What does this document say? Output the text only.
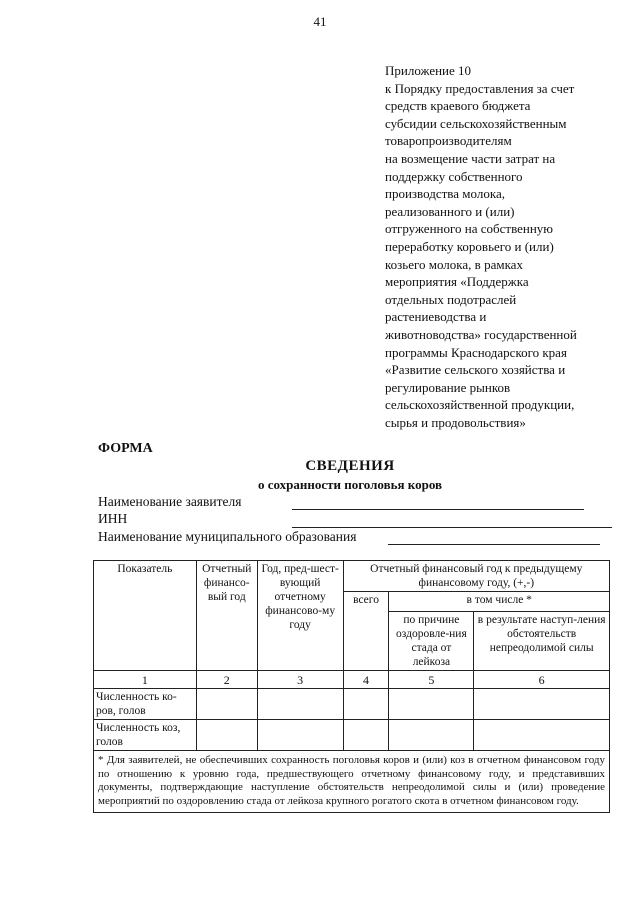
41
Приложение 10
к Порядку предоставления за счет
средств краевого бюджета
субсидии сельскохозяйственным
товаропроизводителям
на возмещение части затрат на
поддержку собственного
производства молока,
реализованного и (или)
отгруженного на собственную
переработку коровьего и (или)
козьего молока, в рамках
мероприятия «Поддержка
отдельных подотраслей
растениеводства и
животноводства» государственной
программы Краснодарского края
«Развитие сельского хозяйства и
регулирование рынков
сельскохозяйственной продукции,
сырья и продовольствия»
ФОРМА
СВЕДЕНИЯ
о сохранности поголовья коров
Наименование заявителя
ИНН
Наименование муниципального образования
Показатель	Отчетный финансо-вый год	Год, пред-шест-вующий отчетному финансово-му году	Отчетный финансовый год к предыдущему финансовому году, (+,-)		
			всего	в том числе *	
				по причине оздоровле-ния стада от лейкоза	в результате наступ-ления обстоятельств непреодолимой силы
1	2	3	4	5	6
Численность ко-ров, голов					
Численность коз, голов					
* Для заявителей, не обеспечивших сохранность поголовья коров и (или) коз в отчетном финансовом году по отношению к уровню года, предшествующего отчетному финансовому году, и представивших документы, подтверждающие наступление обстоятельств непреодолимой силы и (или) проведение мероприятий по оздоровлению стада от лейкоза крупного рогатого скота в отчетном финансовом году.					
